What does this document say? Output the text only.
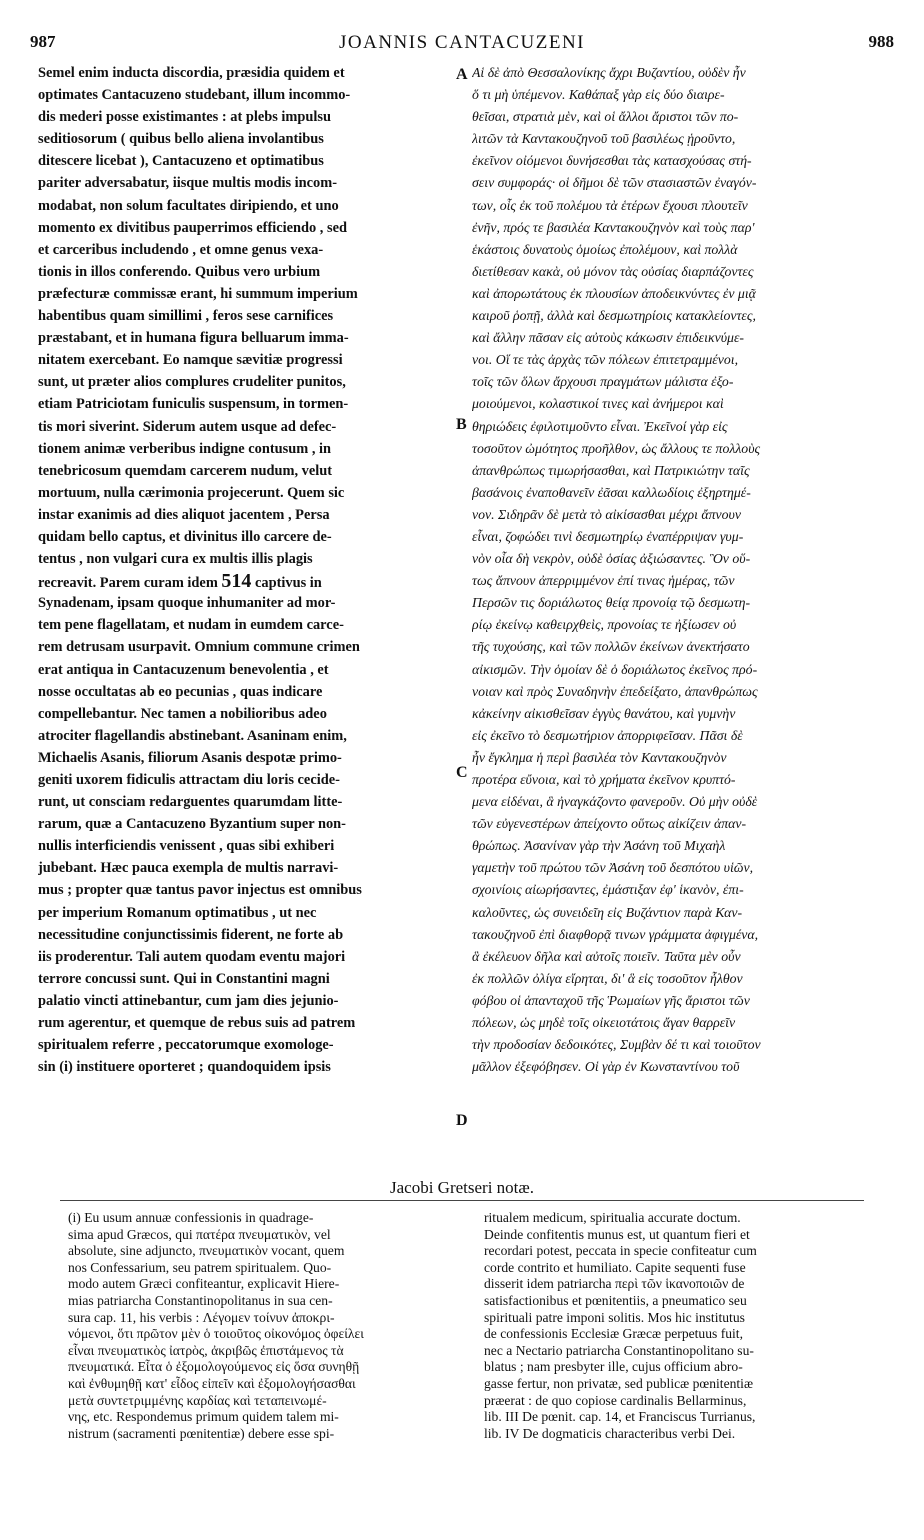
987	JOANNIS CANTACUZENI	988
Semel enim inducta discordia, præsidia quidem et
optimates Cantacuzeno studebant, illum incommo-
dis mederi posse existimantes : at plebs impulsu
seditiosorum ( quibus bello aliena involantibus
ditescere licebat ), Cantacuzeno et optimatibus
pariter adversabatur, iisque multis modis incom-
modabat, non solum facultates diripiendo, et uno
momento ex divitibus pauperrimos efficiendo , sed
et carceribus includendo , et omne genus vexa-
tionis in illos conferendo. Quibus vero urbium
præfecturæ commissæ erant, hi summum imperium
habentibus quam simillimi , feros sese carnifices
præstabant, et in humana figura belluarum imma-
nitatem exercebant. Eo namque sævitiæ progressi
sunt, ut præter alios complures crudeliter punitos,
etiam Patriciotam funiculis suspensum, in tormen-
tis mori siverint. Siderum autem usque ad defec-
tionem animæ verberibus indigne contusum , in
tenebricosum quemdam carcerem nudum, velut
mortuum, nulla cærimonia projecerunt. Quem sic
instar exanimis ad dies aliquot jacentem , Persa
quidam bello captus, et divinitus illo carcere de-
tentus , non vulgari cura ex multis illis plagis
recreavit. Parem curam idem 514 captivus in
Synadenam, ipsam quoque inhumaniter ad mor-
tem pene flagellatam, et nudam in eumdem carce-
rem detrusam usurpavit. Omnium commune crimen
erat antiqua in Cantacuzenum benevolentia , et
nosse occultatas ab eo pecunias , quas indicare
compellebantur. Nec tamen a nobilioribus adeo
atrociter flagellandis abstinebant. Asaninam enim,
Michaelis Asanis, filiorum Asanis despotæ primo-
geniti uxorem fidiculis attractam diu loris cecide-
runt, ut consciam redarguentes quarumdam litte-
rarum, quæ a Cantacuzeno Byzantium super non-
nullis interficiendis venissent , quas sibi exhiberi
jubebant. Hæc pauca exempla de multis narravi-
mus ; propter quæ tantus pavor injectus est omnibus
per imperium Romanum optimatibus , ut nec
necessitudine conjunctissimis fiderent, ne forte ab
iis proderentur. Tali autem quodam eventu majori
terrore concussi sunt. Qui in Constantini magni
palatio vincti attinebantur, cum jam dies jejunio-
rum agerentur, et quemque de rebus suis ad patrem
spiritualem referre , peccatorumque exomologe-
sin (i) instituere oporteret ; quandoquidem ipsis
Αἱ δὲ ἀπὸ Θεσσαλονίκης ἄχρι Βυζαντίου, οὐδὲν ἦν
ὅ τι μὴ ὑπέμενον. Καθάπαξ γὰρ εἰς δύο διαιρε-
θεῖσαι, στρατιὰ μὲν, καὶ οἱ ἄλλοι ἄριστοι τῶν πο-
λιτῶν τὰ Καντακουζηνοῦ τοῦ βασιλέως ᾑροῦντο,
ἐκεῖνον οἰόμενοι δυνήσεσθαι τὰς κατασχούσας στή-
σειν συμφοράς· οἱ δῆμοι δὲ τῶν στασιαστῶν ἐναγόν-
των, οἷς ἐκ τοῦ πολέμου τὰ ἑτέρων ἔχουσι πλουτεῖν
ἐνῆν, πρός τε βασιλέα Καντακουζηνὸν καὶ τοὺς παρ'
ἑκάστοις δυνατοὺς ὁμοίως ἐπολέμουν, καὶ πολλὰ
διετίθεσαν κακὰ, οὐ μόνον τὰς οὐσίας διαρπάζοντες
καὶ ἀπορωτάτους ἐκ πλουσίων ἀποδεικνύντες ἐν μιᾷ
καιροῦ ῥοπῇ, ἀλλὰ καὶ δεσμωτηρίοις κατακλείοντες,
καὶ ἄλλην πᾶσαν εἰς αὐτοὺς κάκωσιν ἐπιδεικνύμε-
νοι. Οἵ τε τὰς ἀρχὰς τῶν πόλεων ἐπιτετραμμένοι,
τοῖς τῶν ὅλων ἄρχουσι πραγμάτων μάλιστα ἐξο-
μοιούμενοι, κολαστικοί τινες καὶ ἀνήμεροι καὶ
θηριώδεις ἐφιλοτιμοῦντο εἶναι. Ἐκεῖνοί γὰρ εἰς
τοσοῦτον ὠμότητος προῆλθον, ὡς ἄλλους τε πολλοὺς
ἀπανθρώπως τιμωρήσασθαι, καὶ Πατρικιώτην ταῖς
βασάνοις ἐναποθανεῖν ἐᾶσαι καλλωδίοις ἐξηρτημέ-
νον. Σιδηρᾶν δὲ μετὰ τὸ αἰκίσασθαι μέχρι ἄπνουν
εἶναι, ζοφώδει τινὶ δεσμωτηρίῳ ἐναπέρριψαν γυμ-
νὸν οἷα δὴ νεκρὸν, οὐδὲ ὁσίας ἀξιώσαντες. Ὃν οὕ-
τως ἄπνουν ἀπερριμμένον ἐπί τινας ἡμέρας, τῶν
Περσῶν τις δοριάλωτος θείᾳ προνοίᾳ τῷ δεσμωτη-
ρίῳ ἐκείνῳ καθειρχθεὶς, προνοίας τε ἠξίωσεν οὐ
τῆς τυχούσης, καὶ τῶν πολλῶν ἐκείνων ἀνεκτήσατο
αἰκισμῶν. Τὴν ὁμοίαν δὲ ὁ δοριάλωτος ἐκεῖνος πρό-
νοιαν καὶ πρὸς Συναδηνὴν ἐπεδείξατο, ἀπανθρώπως
κἀκείνην αἰκισθεῖσαν ἐγγὺς θανάτου, καὶ γυμνὴν
εἰς ἐκεῖνο τὸ δεσμωτήριον ἀπορριφεῖσαν. Πᾶσι δὲ
ἦν ἔγκλημα ἡ περὶ βασιλέα τὸν Καντακουζηνὸν
προτέρα εὔνοια, καὶ τὸ χρήματα ἐκεῖνον κρυπτό-
μενα εἰδέναι, ἃ ἠναγκάζοντο φανεροῦν. Οὐ μὴν οὐδὲ
τῶν εὐγενεστέρων ἀπείχοντο οὕτως αἰκίζειν ἀπαν-
θρώπως. Ἀσανίναν γὰρ τὴν Ἀσάνη τοῦ Μιχαὴλ
γαμετὴν τοῦ πρώτου τῶν Ἀσάνη τοῦ δεσπότου υἱῶν,
σχοινίοις αἰωρήσαντες, ἐμάστιξαν ἐφ' ἱκανὸν, ἐπι-
καλοῦντες, ὡς συνειδεῖη εἰς Βυζάντιον παρὰ Καν-
τακουζηνοῦ ἐπὶ διαφθορᾷ τινων γράμματα ἀφιγμένα,
ἃ ἐκέλευον δῆλα καὶ αὐτοῖς ποιεῖν. Ταῦτα μὲν οὖν
ἐκ πολλῶν ὀλίγα εἴρηται, δι' ἃ εἰς τοσοῦτον ἦλθον
φόβου οἱ ἁπανταχοῦ τῆς Ῥωμαίων γῆς ἄριστοι τῶν
πόλεων, ὡς μηδὲ τοῖς οἰκειοτάτοις ἄγαν θαρρεῖν
τὴν προδοσίαν δεδοικότες, Συμβὰν δέ τι καὶ τοιοῦτον
μᾶλλον ἐξεφόβησεν. Οἱ γὰρ ἐν Κωνσταντίνου τοῦ
A
B
C
D
Jacobi Gretseri notæ.
(i) Eu usum annuæ confessionis in quadrage-
sima apud Græcos, qui πατέρα πνευματικὸν, vel
absolute, sine adjuncto, πνευματικὸν vocant, quem
nos Confessarium, seu patrem spiritualem. Quo-
modo autem Græci confiteantur, explicavit Hiere-
mias patriarcha Constantinopolitanus in sua cen-
sura cap. 11, his verbis : Λέγομεν τοίνυν ἀποκρι-
νόμενοι, ὅτι πρῶτον μὲν ὁ τοιοῦτος οἰκονόμος ὀφείλει
εἶναι πνευματικὸς ἰατρὸς, ἀκριβῶς ἐπιστάμενος τὰ
πνευματικά. Εἶτα ὁ ἐξομολογούμενος εἰς ὅσα συνηθῇ
καὶ ἐνθυμηθῇ κατ' εἶδος εἰπεῖν καὶ ἐξομολογήσασθαι
μετὰ συντετριμμένης καρδίας καὶ τεταπεινωμέ-
νης, etc. Respondemus primum quidem talem mi-
nistrum (sacramenti pœnitentiæ) debere esse spi-
ritualem medicum, spiritualia accurate doctum.
Deinde confitentis munus est, ut quantum fieri et
recordari potest, peccata in specie confiteatur cum
corde contrito et humiliato. Capite sequenti fuse
disserit idem patriarcha περὶ τῶν ἱκανοποιῶν de
satisfactionibus et pœnitentiis, a pneumatico seu
spirituali patre imponi solitis. Mos hic institutus
de confessionis Ecclesiæ Græcæ perpetuus fuit,
nec a Nectario patriarcha Constantinopolitano su-
blatus ; nam presbyter ille, cujus officium abro-
gasse fertur, non privatæ, sed publicæ pœnitentiæ
præerat : de quo copiose cardinalis Bellarminus,
lib. III De pœnit. cap. 14, et Franciscus Turrianus,
lib. IV De dogmaticis characteribus verbi Dei.
